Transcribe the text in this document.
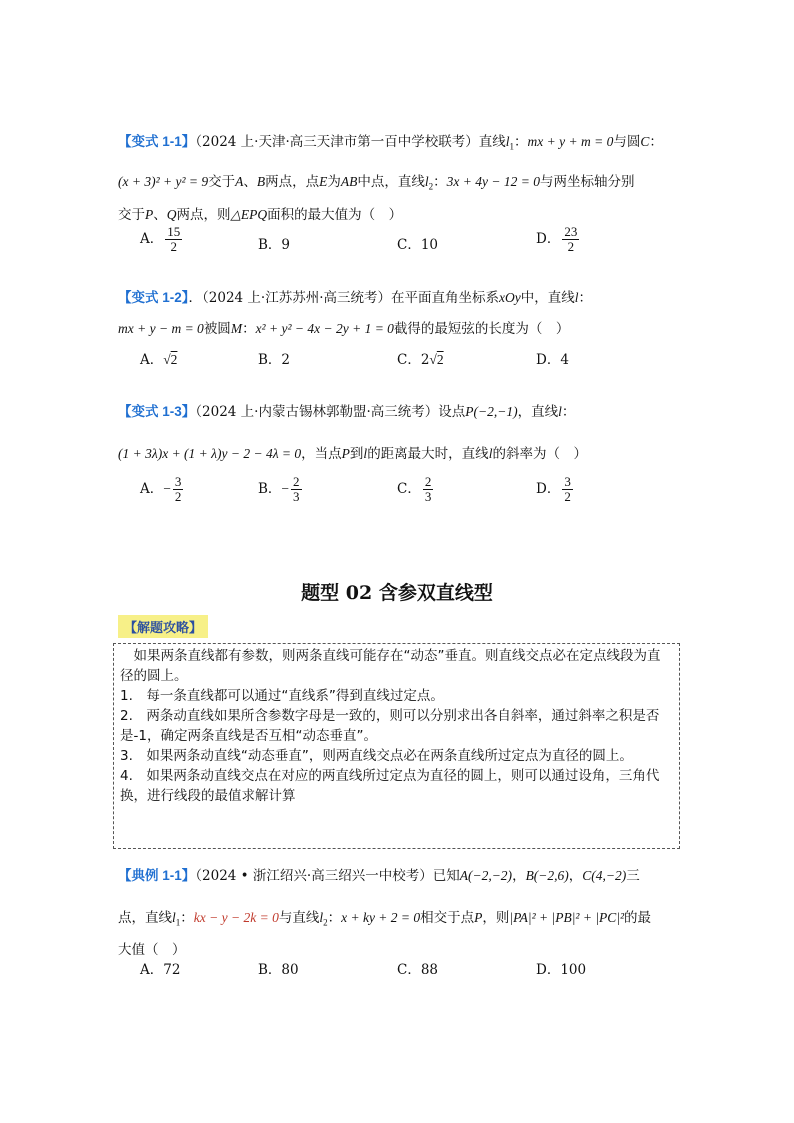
【变式 1-1】（2024 上·天津·高三天津市第一百中学校联考）直线$l_1$：mx + y + m = 0与圆C：
(x + 3)² + y² = 9交于A、B两点，点E为AB中点，直线$l_2$：3x + 4y − 12 = 0与两坐标轴分别
交于P、Q两点，则△EPQ面积的最大值为（　）
A． $\frac{15}{2}$	B．9	C．10	D． $\frac{23}{2}$
【变式 1-2】．（2024 上·江苏苏州·高三统考）在平面直角坐标系xOy中，直线l：
mx + y − m = 0被圆M：x² + y² − 4x − 2y + 1 = 0截得的最短弦的长度为（　）
A．√2	B．2	C．2√2	D．4
【变式 1-3】（2024 上·内蒙古锡林郭勒盟·高三统考）设点P(−2,−1)，直线l：
(1 + 3λ)x + (1 + λ)y − 2 − 4λ = 0，当点P到l的距离最大时，直线l的斜率为（　）
A．− $\frac{3}{2}$	B．− $\frac{2}{3}$	C． $\frac{2}{3}$	D． $\frac{3}{2}$
题型 02 含参双直线型
【解题攻略】
　如果两条直线都有参数，则两条直线可能存在“动态”垂直。则直线交点必在定点线段为直
径的圆上。
1.　每一条直线都可以通过“直线系”得到直线过定点。
2.　两条动直线如果所含参数字母是一致的，则可以分别求出各自斜率，通过斜率之积是否
是-1，确定两条直线是否互相“动态垂直”。
3.　如果两条动直线“动态垂直”，则两直线交点必在两条直线所过定点为直径的圆上。
4.　如果两条动直线交点在对应的两直线所过定点为直径的圆上，则可以通过设角，三角代
换，进行线段的最值求解计算
【典例 1-1】（2024 • 浙江绍兴·高三绍兴一中校考）已知A(−2,−2)，B(−2,6)，C(4,−2)三
点，直线$l_1$：kx − y − 2k = 0与直线$l_2$：x + ky + 2 = 0相交于点P，则|PA|² + |PB|² + |PC|²的最
大值（　）
A．72	B．80	C．88	D．100
